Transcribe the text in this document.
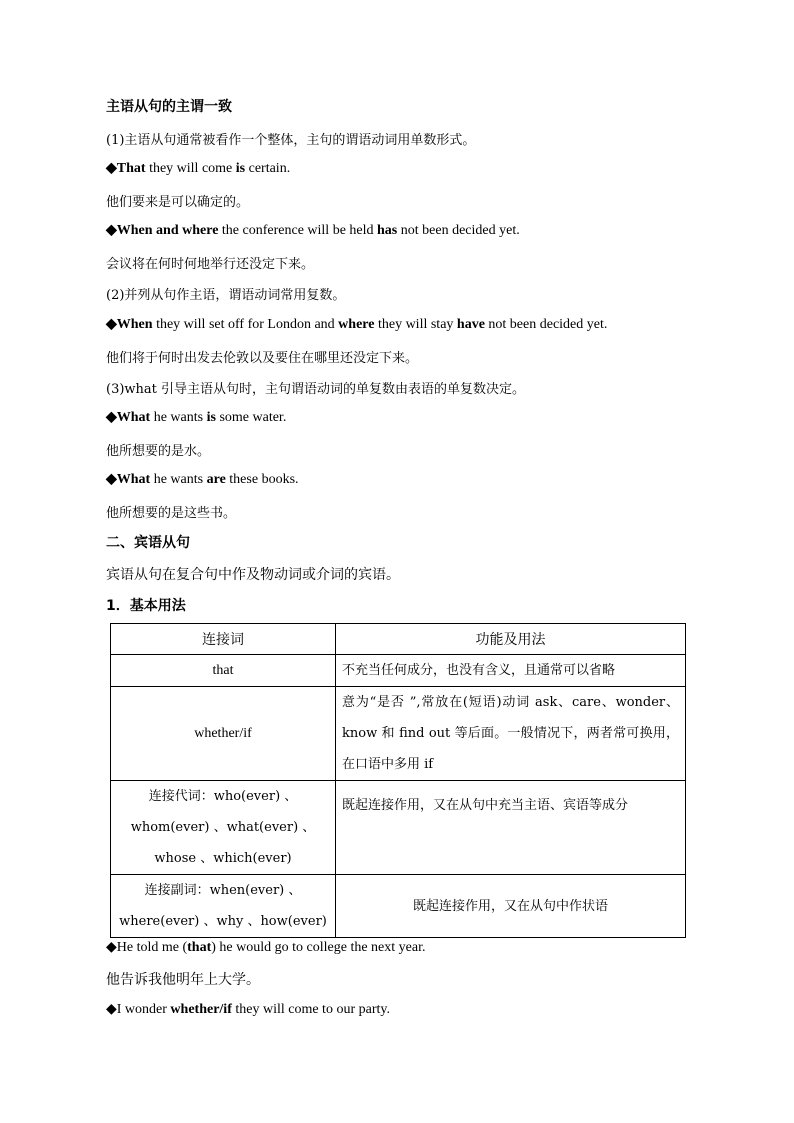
主语从句的主谓一致
(1)主语从句通常被看作一个整体，主句的谓语动词用单数形式。
◆That they will come is certain.
他们要来是可以确定的。
◆When and where the conference will be held has not been decided yet.
会议将在何时何地举行还没定下来。
(2)并列从句作主语，谓语动词常用复数。
◆When they will set off for London and where they will stay have not been decided yet.
他们将于何时出发去伦敦以及要住在哪里还没定下来。
(3)what 引导主语从句时，主句谓语动词的单复数由表语的单复数决定。
◆What he wants is some water.
他所想要的是水。
◆What he wants are these books.
他所想要的是这些书。
二、宾语从句
宾语从句在复合句中作及物动词或介词的宾语。
1．基本用法
连接词	功能及用法
that	不充当任何成分，也没有含义，且通常可以省略
whether/if	意为“是否 ”,常放在(短语)动词 ask、care、wonder、know 和 find out 等后面。一般情况下，两者常可换用，在口语中多用 if
连接代词：who(ever) 、whom(ever) 、what(ever) 、whose 、which(ever)	既起连接作用，又在从句中充当主语、宾语等成分
连接副词：when(ever) 、where(ever) 、why 、how(ever)	既起连接作用，又在从句中作状语
◆He told me (that) he would go to college the next year.
他告诉我他明年上大学。
◆I wonder whether/if they will come to our party.
